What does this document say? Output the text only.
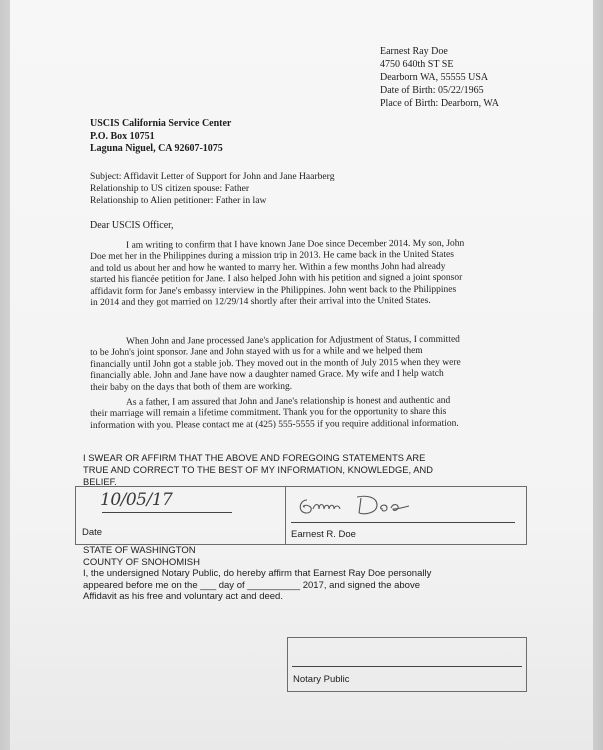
Earnest Ray Doe
4750 640th ST SE
Dearborn WA, 55555 USA
Date of Birth: 05/22/1965
Place of Birth: Dearborn, WA
USCIS California Service Center
P.O. Box 10751
Laguna Niguel, CA 92607-1075
Subject: Affidavit Letter of Support for John and Jane Haarberg
Relationship to US citizen spouse: Father
Relationship to Alien petitioner: Father in law
Dear USCIS Officer,
I am writing to confirm that I have known Jane Doe since December 2014. My son, John
Doe met her in the Philippines during a mission trip in 2013. He came back in the United States
and told us about her and how he wanted to marry her. Within a few months John had already
started his fiancée petition for Jane. I also helped John with his petition and signed a joint sponsor
affidavit form for Jane's embassy interview in the Philippines. John went back to the Philippines
in 2014 and they got married on 12/29/14 shortly after their arrival into the United States.
When John and Jane processed Jane's application for Adjustment of Status, I committed
to be John's joint sponsor. Jane and John stayed with us for a while and we helped them
financially until John got a stable job. They moved out in the month of July 2015 when they were
financially able. John and Jane have now a daughter named Grace. My wife and I help watch
their baby on the days that both of them are working.
As a father, I am assured that John and Jane's relationship is honest and authentic and
their marriage will remain a lifetime commitment. Thank you for the opportunity to share this
information with you. Please contact me at (425) 555-5555 if you require additional information.
I SWEAR OR AFFIRM THAT THE ABOVE AND FOREGOING STATEMENTS ARE
TRUE AND CORRECT TO THE BEST OF MY INFORMATION, KNOWLEDGE, AND
BELIEF.
10/05/17
Date	Earnest R. Doe
STATE OF WASHINGTON
COUNTY OF SNOHOMISH
I, the undersigned Notary Public, do hereby affirm that Earnest Ray Doe personally
appeared before me on the ___ day of __________ 2017, and signed the above
Affidavit as his free and voluntary act and deed.
Notary Public
